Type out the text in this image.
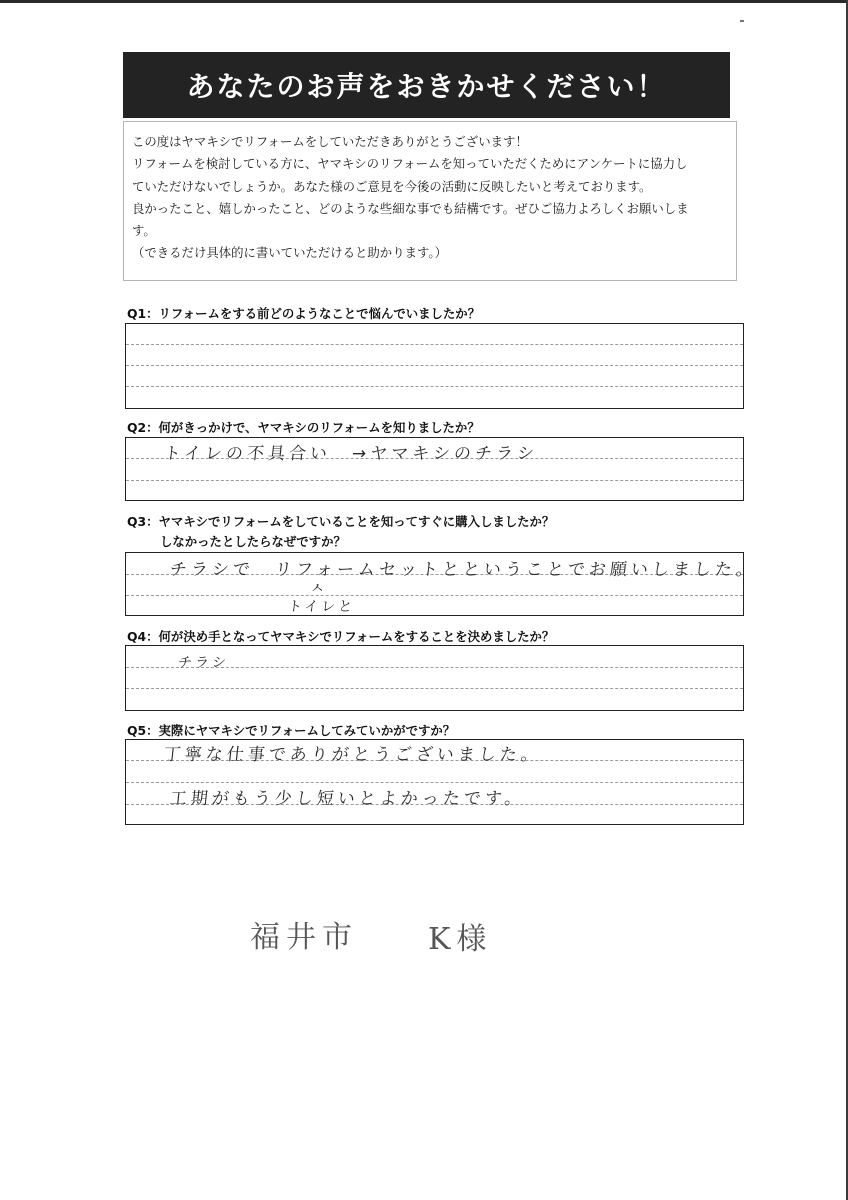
あなたのお声をおきかせください！

この度はヤマキシでリフォームをしていただきありがとうございます！

リフォームを検討している方に、ヤマキシのリフォームを知っていただくためにアンケートに協力し

ていただけないでしょうか。あなた様のご意見を今後の活動に反映したいと考えております。

良かったこと、嬉しかったこと、どのような些細な事でも結構です。ぜひご協力よろしくお願いしま

す。

（できるだけ具体的に書いていただけると助かります。）

Q1：リフォームをする前どのようなことで悩んでいましたか？
Q2：何がきっかけで、ヤマキシのリフォームを知りましたか？
トイレの不具合い　→ヤマキシのチラシ
Q3：ヤマキシでリフォームをしていることを知ってすぐに購入しましたか？
しなかったとしたらなぜですか？
チラシで　リフォームセットとということでお願いしました。
ㅅ
トイレと
Q4：何が決め手となってヤマキシでリフォームをすることを決めましたか？
チラシ
Q5：実際にヤマキシでリフォームしてみていかがですか？
丁寧な仕事でありがとうございました。
工期がもう少し短いとよかったです。
福井市 K様
